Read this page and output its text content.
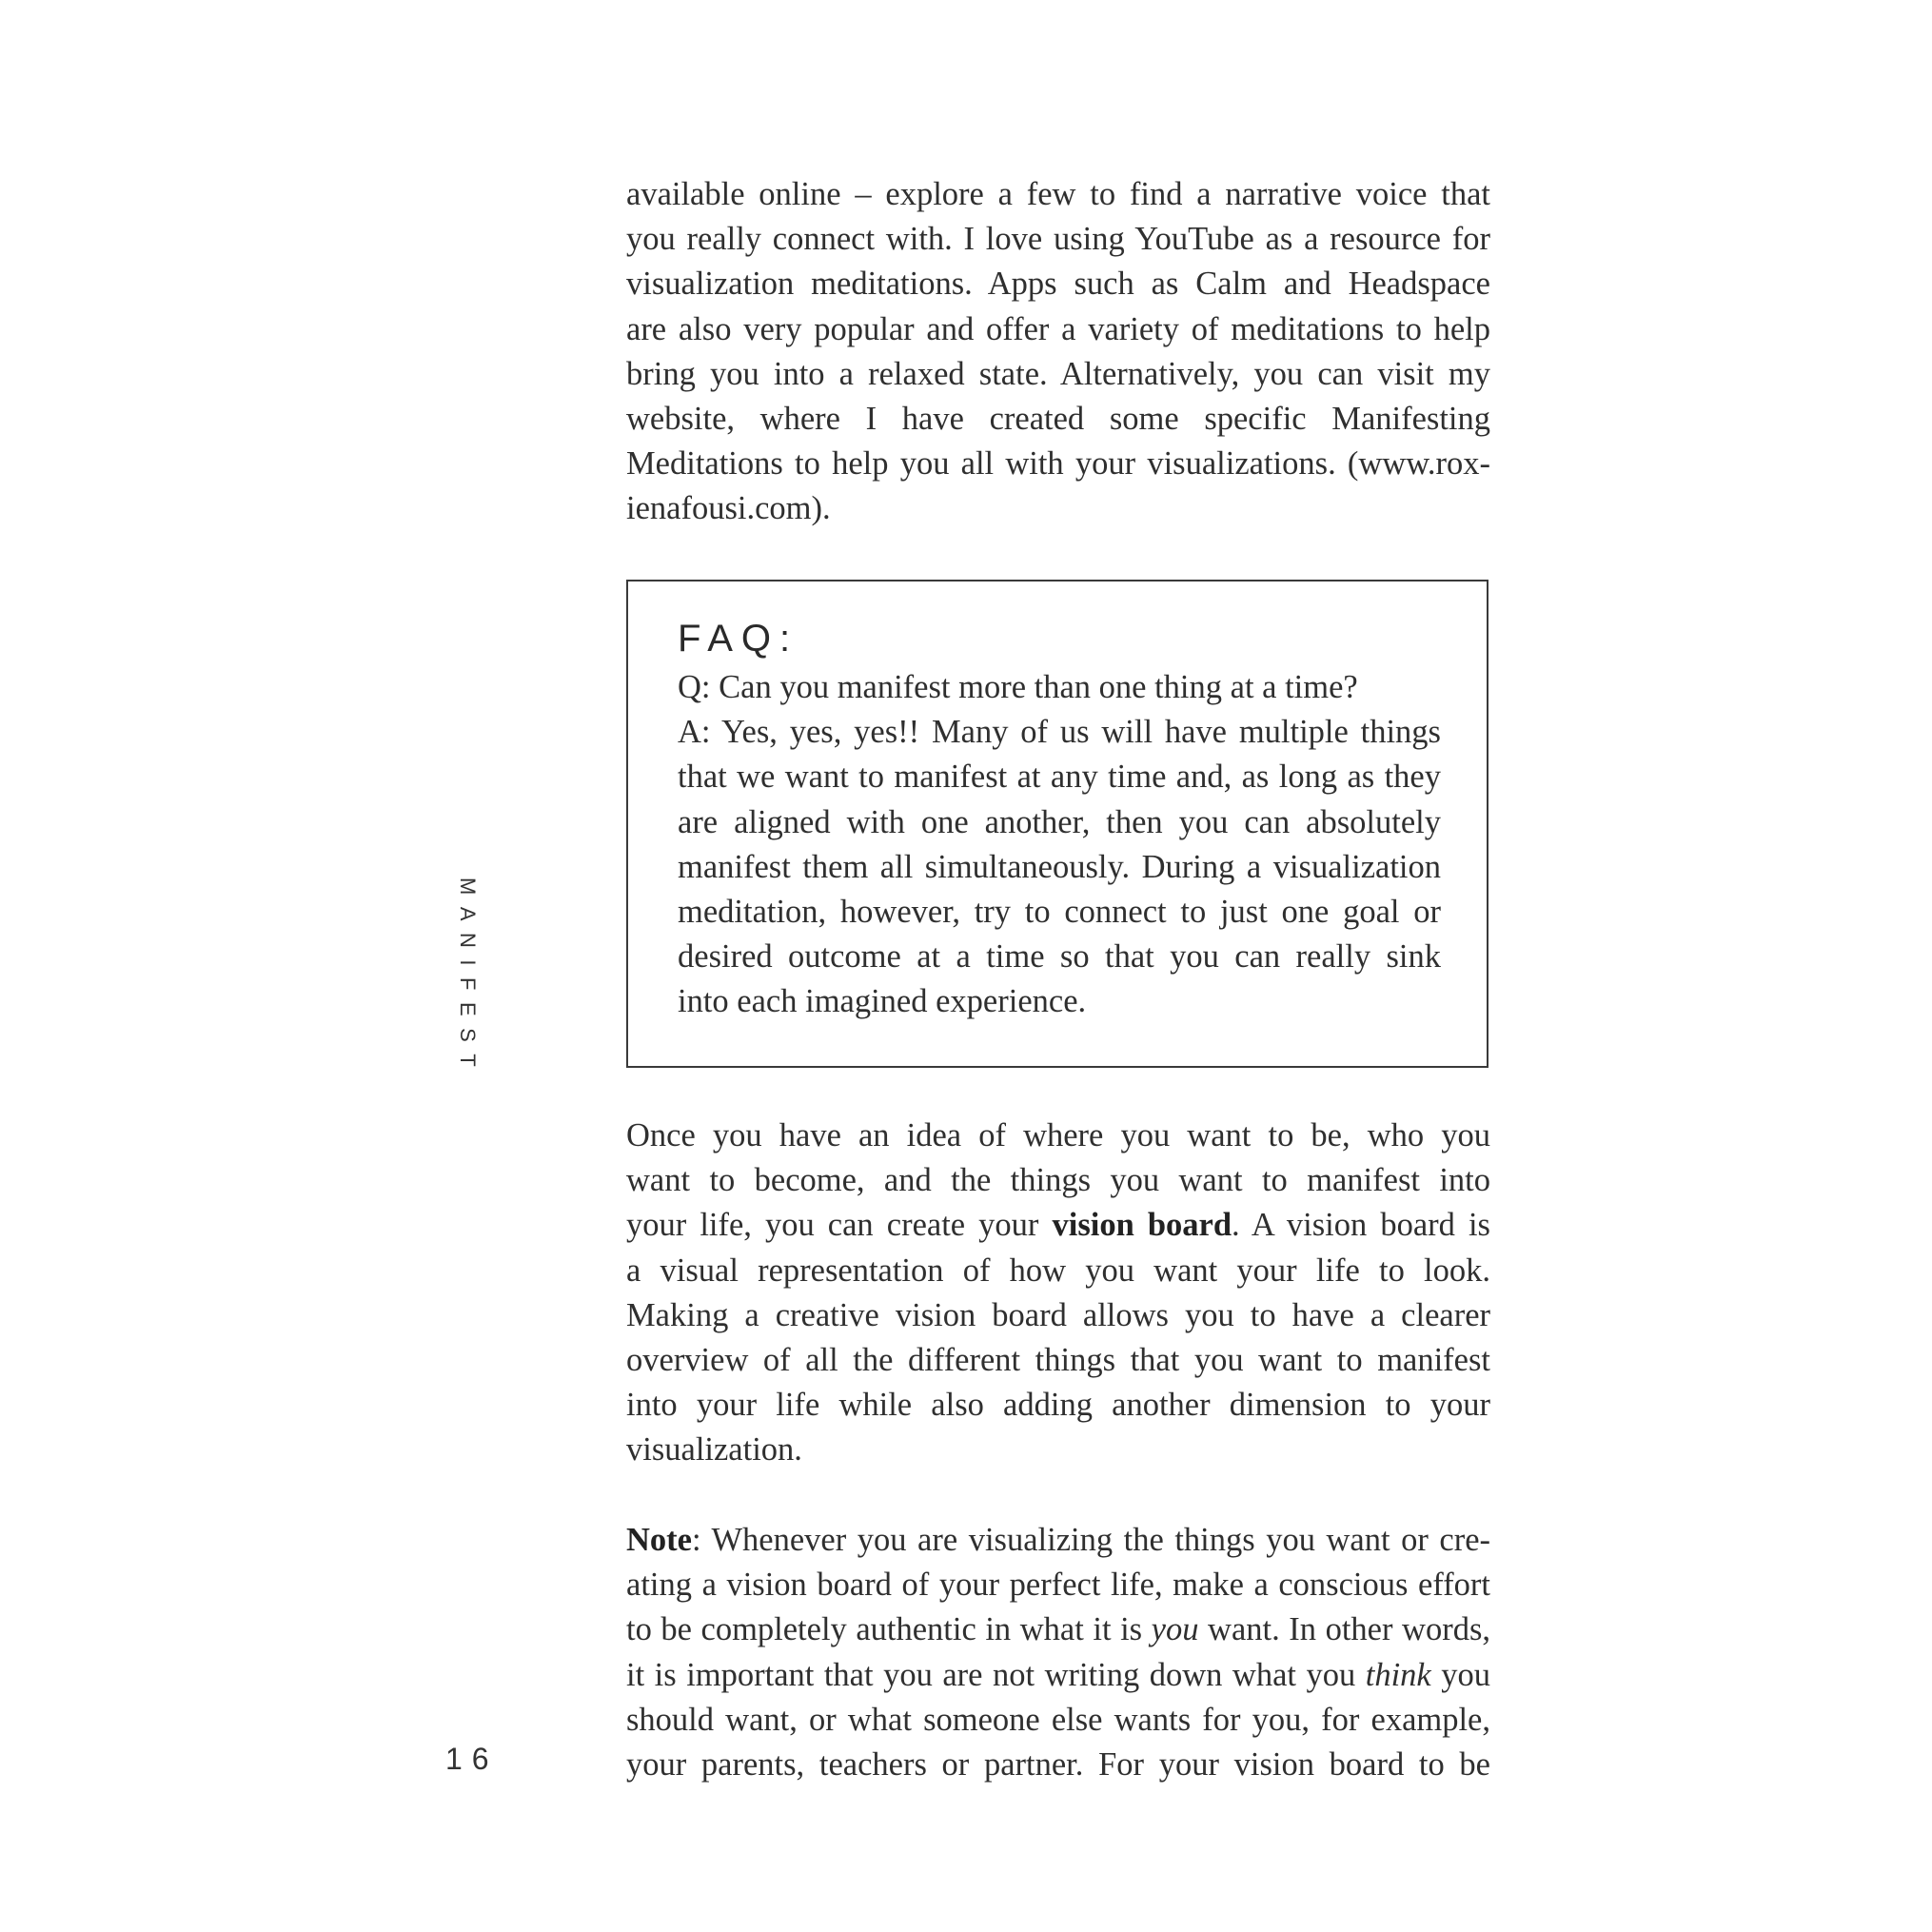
MANIFEST
available online – explore a few to find a narrative voice that
you really connect with. I love using YouTube as a resource for
visualization meditations. Apps such as Calm and Headspace
are also very popular and offer a variety of meditations to help
bring you into a relaxed state. Alternatively, you can visit my
website, where I have created some specific Manifesting
Meditations to help you all with your visualizations. (www.rox-
ienafousi.com).
FAQ:
Q: Can you manifest more than one thing at a time?
A: Yes, yes, yes!! Many of us will have multiple things
that we want to manifest at any time and, as long as they
are aligned with one another, then you can absolutely
manifest them all simultaneously. During a visualization
meditation, however, try to connect to just one goal or
desired outcome at a time so that you can really sink
into each imagined experience.
Once you have an idea of where you want to be, who you
want to become, and the things you want to manifest into
your life, you can create your vision board. A vision board is
a visual representation of how you want your life to look.
Making a creative vision board allows you to have a clearer
overview of all the different things that you want to manifest
into your life while also adding another dimension to your
visualization.
Note: Whenever you are visualizing the things you want or cre-
ating a vision board of your perfect life, make a conscious effort
to be completely authentic in what it is you want. In other words,
it is important that you are not writing down what you think you
should want, or what someone else wants for you, for example,
your parents, teachers or partner. For your vision board to be
16
